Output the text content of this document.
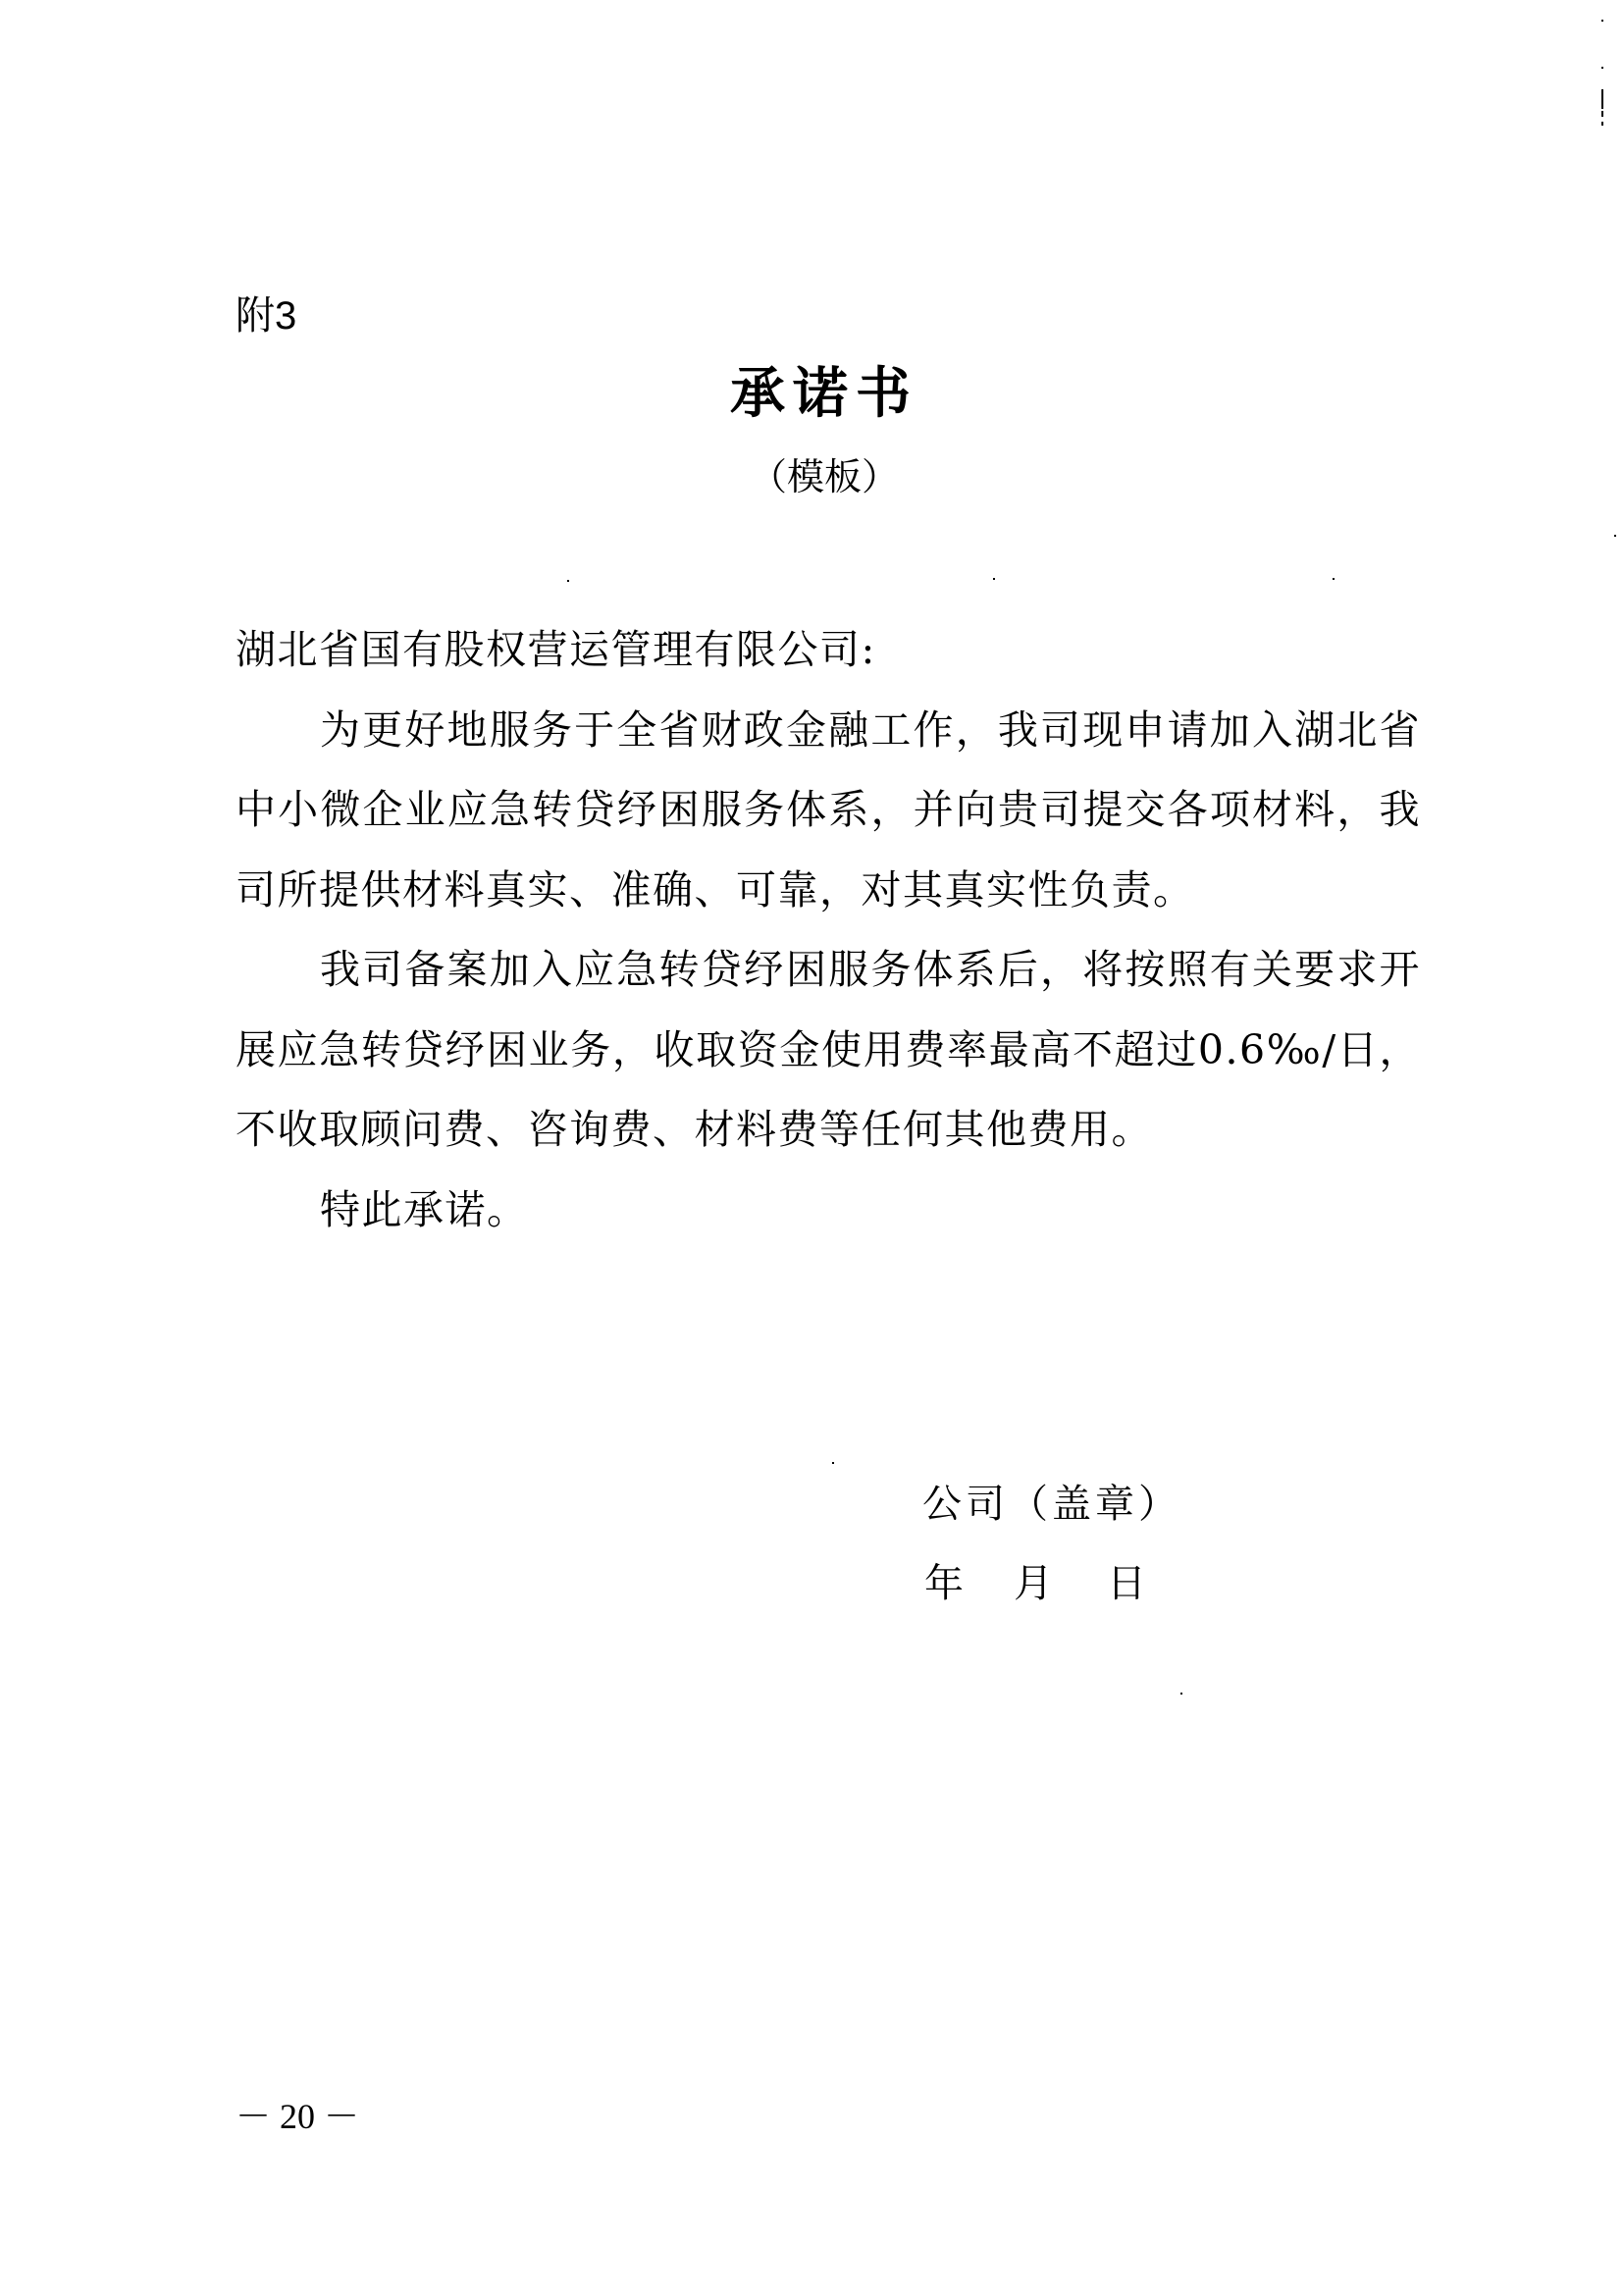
附3
承诺书
（模板）

湖北省国有股权营运管理有限公司:

为更好地服务于全省财政金融工作，我司现申请加入湖北省中小微企业应急转贷纾困服务体系，并向贵司提交各项材料，我司所提供材料真实、准确、可靠，对其真实性负责。

我司备案加入应急转贷纾困服务体系后，将按照有关要求开展应急转贷纾困业务，收取资金使用费率最高不超过0.6‰/日，不收取顾问费、咨询费、材料费等任何其他费用。

特此承诺。

公司（盖章）
年 月 日
－ 20 －
